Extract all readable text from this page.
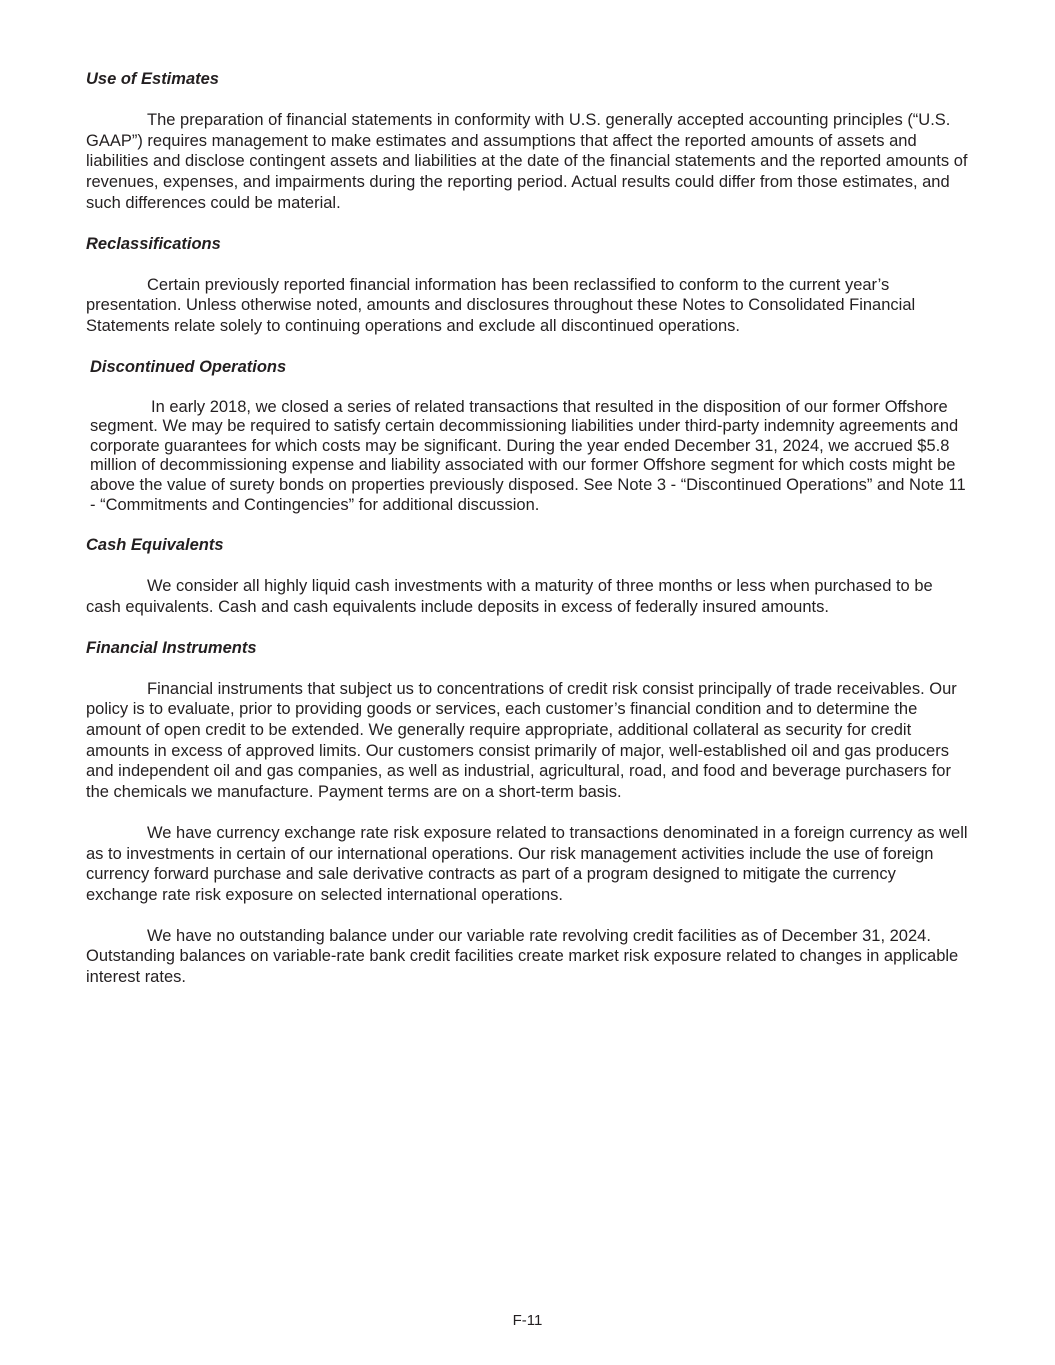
Use of Estimates

The preparation of financial statements in conformity with U.S. generally accepted accounting principles (“U.S. GAAP”) requires management to make estimates and assumptions that affect the reported amounts of assets and liabilities and disclose contingent assets and liabilities at the date of the financial statements and the reported amounts of revenues, expenses, and impairments during the reporting period. Actual results could differ from those estimates, and such differences could be material.

Reclassifications

Certain previously reported financial information has been reclassified to conform to the current year’s presentation. Unless otherwise noted, amounts and disclosures throughout these Notes to Consolidated Financial Statements relate solely to continuing operations and exclude all discontinued operations.

Discontinued Operations

In early 2018, we closed a series of related transactions that resulted in the disposition of our former Offshore segment. We may be required to satisfy certain decommissioning liabilities under third-party indemnity agreements and corporate guarantees for which costs may be significant. During the year ended December 31, 2024, we accrued $5.8 million of decommissioning expense and liability associated with our former Offshore segment for which costs might be above the value of surety bonds on properties previously disposed. See Note 3 - “Discontinued Operations” and Note 11 - “Commitments and Contingencies” for additional discussion.

Cash Equivalents

We consider all highly liquid cash investments with a maturity of three months or less when purchased to be cash equivalents. Cash and cash equivalents include deposits in excess of federally insured amounts.

Financial Instruments

Financial instruments that subject us to concentrations of credit risk consist principally of trade receivables. Our policy is to evaluate, prior to providing goods or services, each customer’s financial condition and to determine the amount of open credit to be extended. We generally require appropriate, additional collateral as security for credit amounts in excess of approved limits. Our customers consist primarily of major, well-established oil and gas producers and independent oil and gas companies, as well as industrial, agricultural, road, and food and beverage purchasers for the chemicals we manufacture. Payment terms are on a short-term basis.

We have currency exchange rate risk exposure related to transactions denominated in a foreign currency as well as to investments in certain of our international operations. Our risk management activities include the use of foreign currency forward purchase and sale derivative contracts as part of a program designed to mitigate the currency exchange rate risk exposure on selected international operations.

We have no outstanding balance under our variable rate revolving credit facilities as of December 31, 2024. Outstanding balances on variable-rate bank credit facilities create market risk exposure related to changes in applicable interest rates.

F-11
